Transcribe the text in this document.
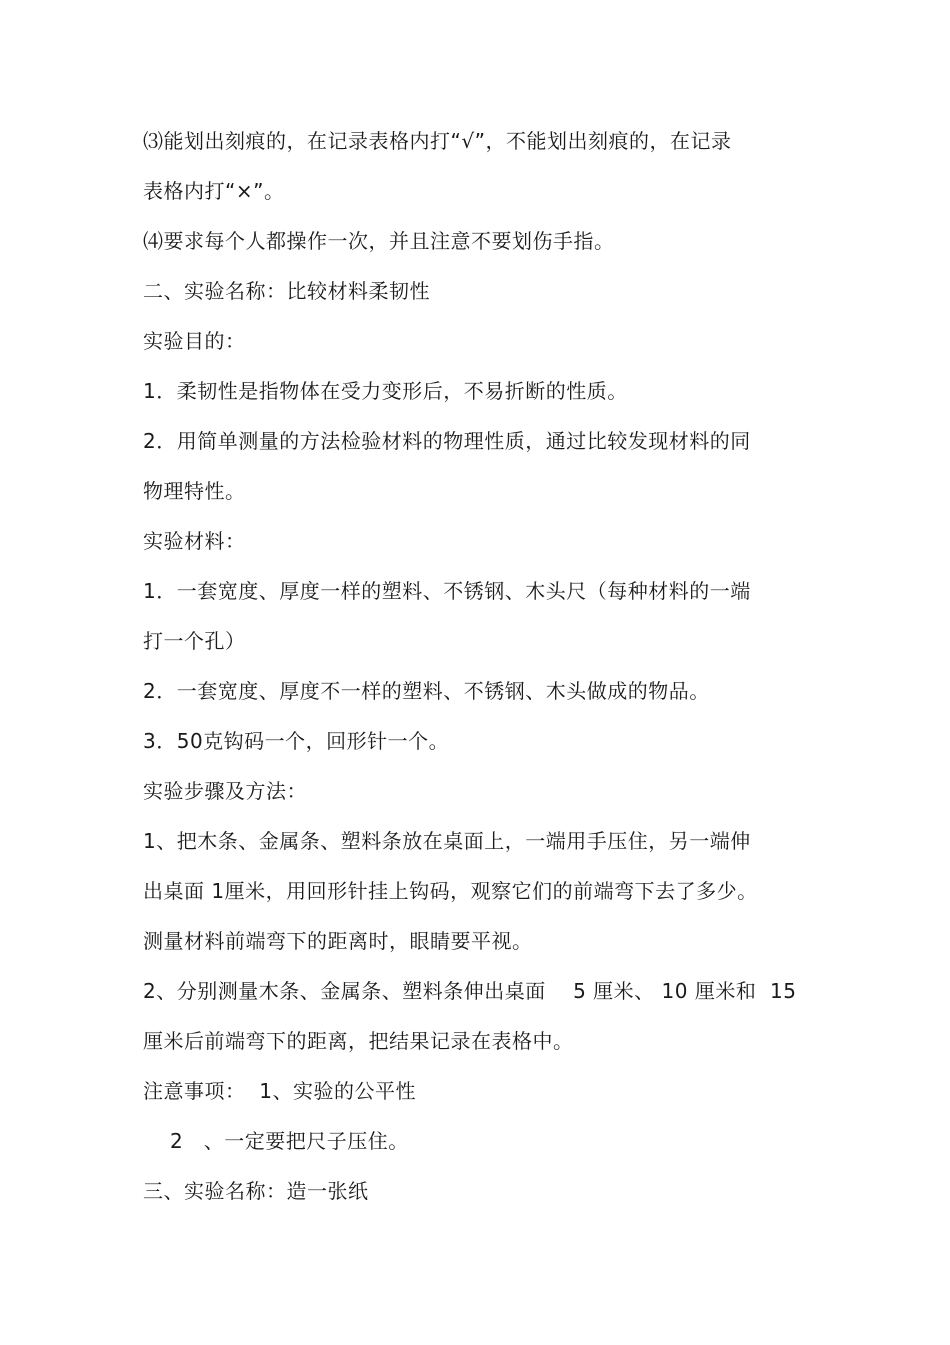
⑶能划出刻痕的，在记录表格内打“√”，不能划出刻痕的，在记录
表格内打“×”。
⑷要求每个人都操作一次，并且注意不要划伤手指。
二、实验名称：比较材料柔韧性
实验目的：
1．柔韧性是指物体在受力变形后，不易折断的性质。
2．用简单测量的方法检验材料的物理性质，通过比较发现材料的同
物理特性。
实验材料：
1．一套宽度、厚度一样的塑料、不锈钢、木头尺（每种材料的一端
打一个孔）
2．一套宽度、厚度不一样的塑料、不锈钢、木头做成的物品。
3．50克钩码一个，回形针一个。
实验步骤及方法：
1、把木条、金属条、塑料条放在桌面上，一端用手压住，另一端伸
出桌面 1厘米，用回形针挂上钩码，观察它们的前端弯下去了多少。
测量材料前端弯下的距离时，眼睛要平视。
2、分别测量木条、金属条、塑料条伸出桌面　 5 厘米、 10 厘米和  15
厘米后前端弯下的距离，把结果记录在表格中。
注意事项：  1、实验的公平性
2　、一定要把尺子压住。
三、实验名称：造一张纸
